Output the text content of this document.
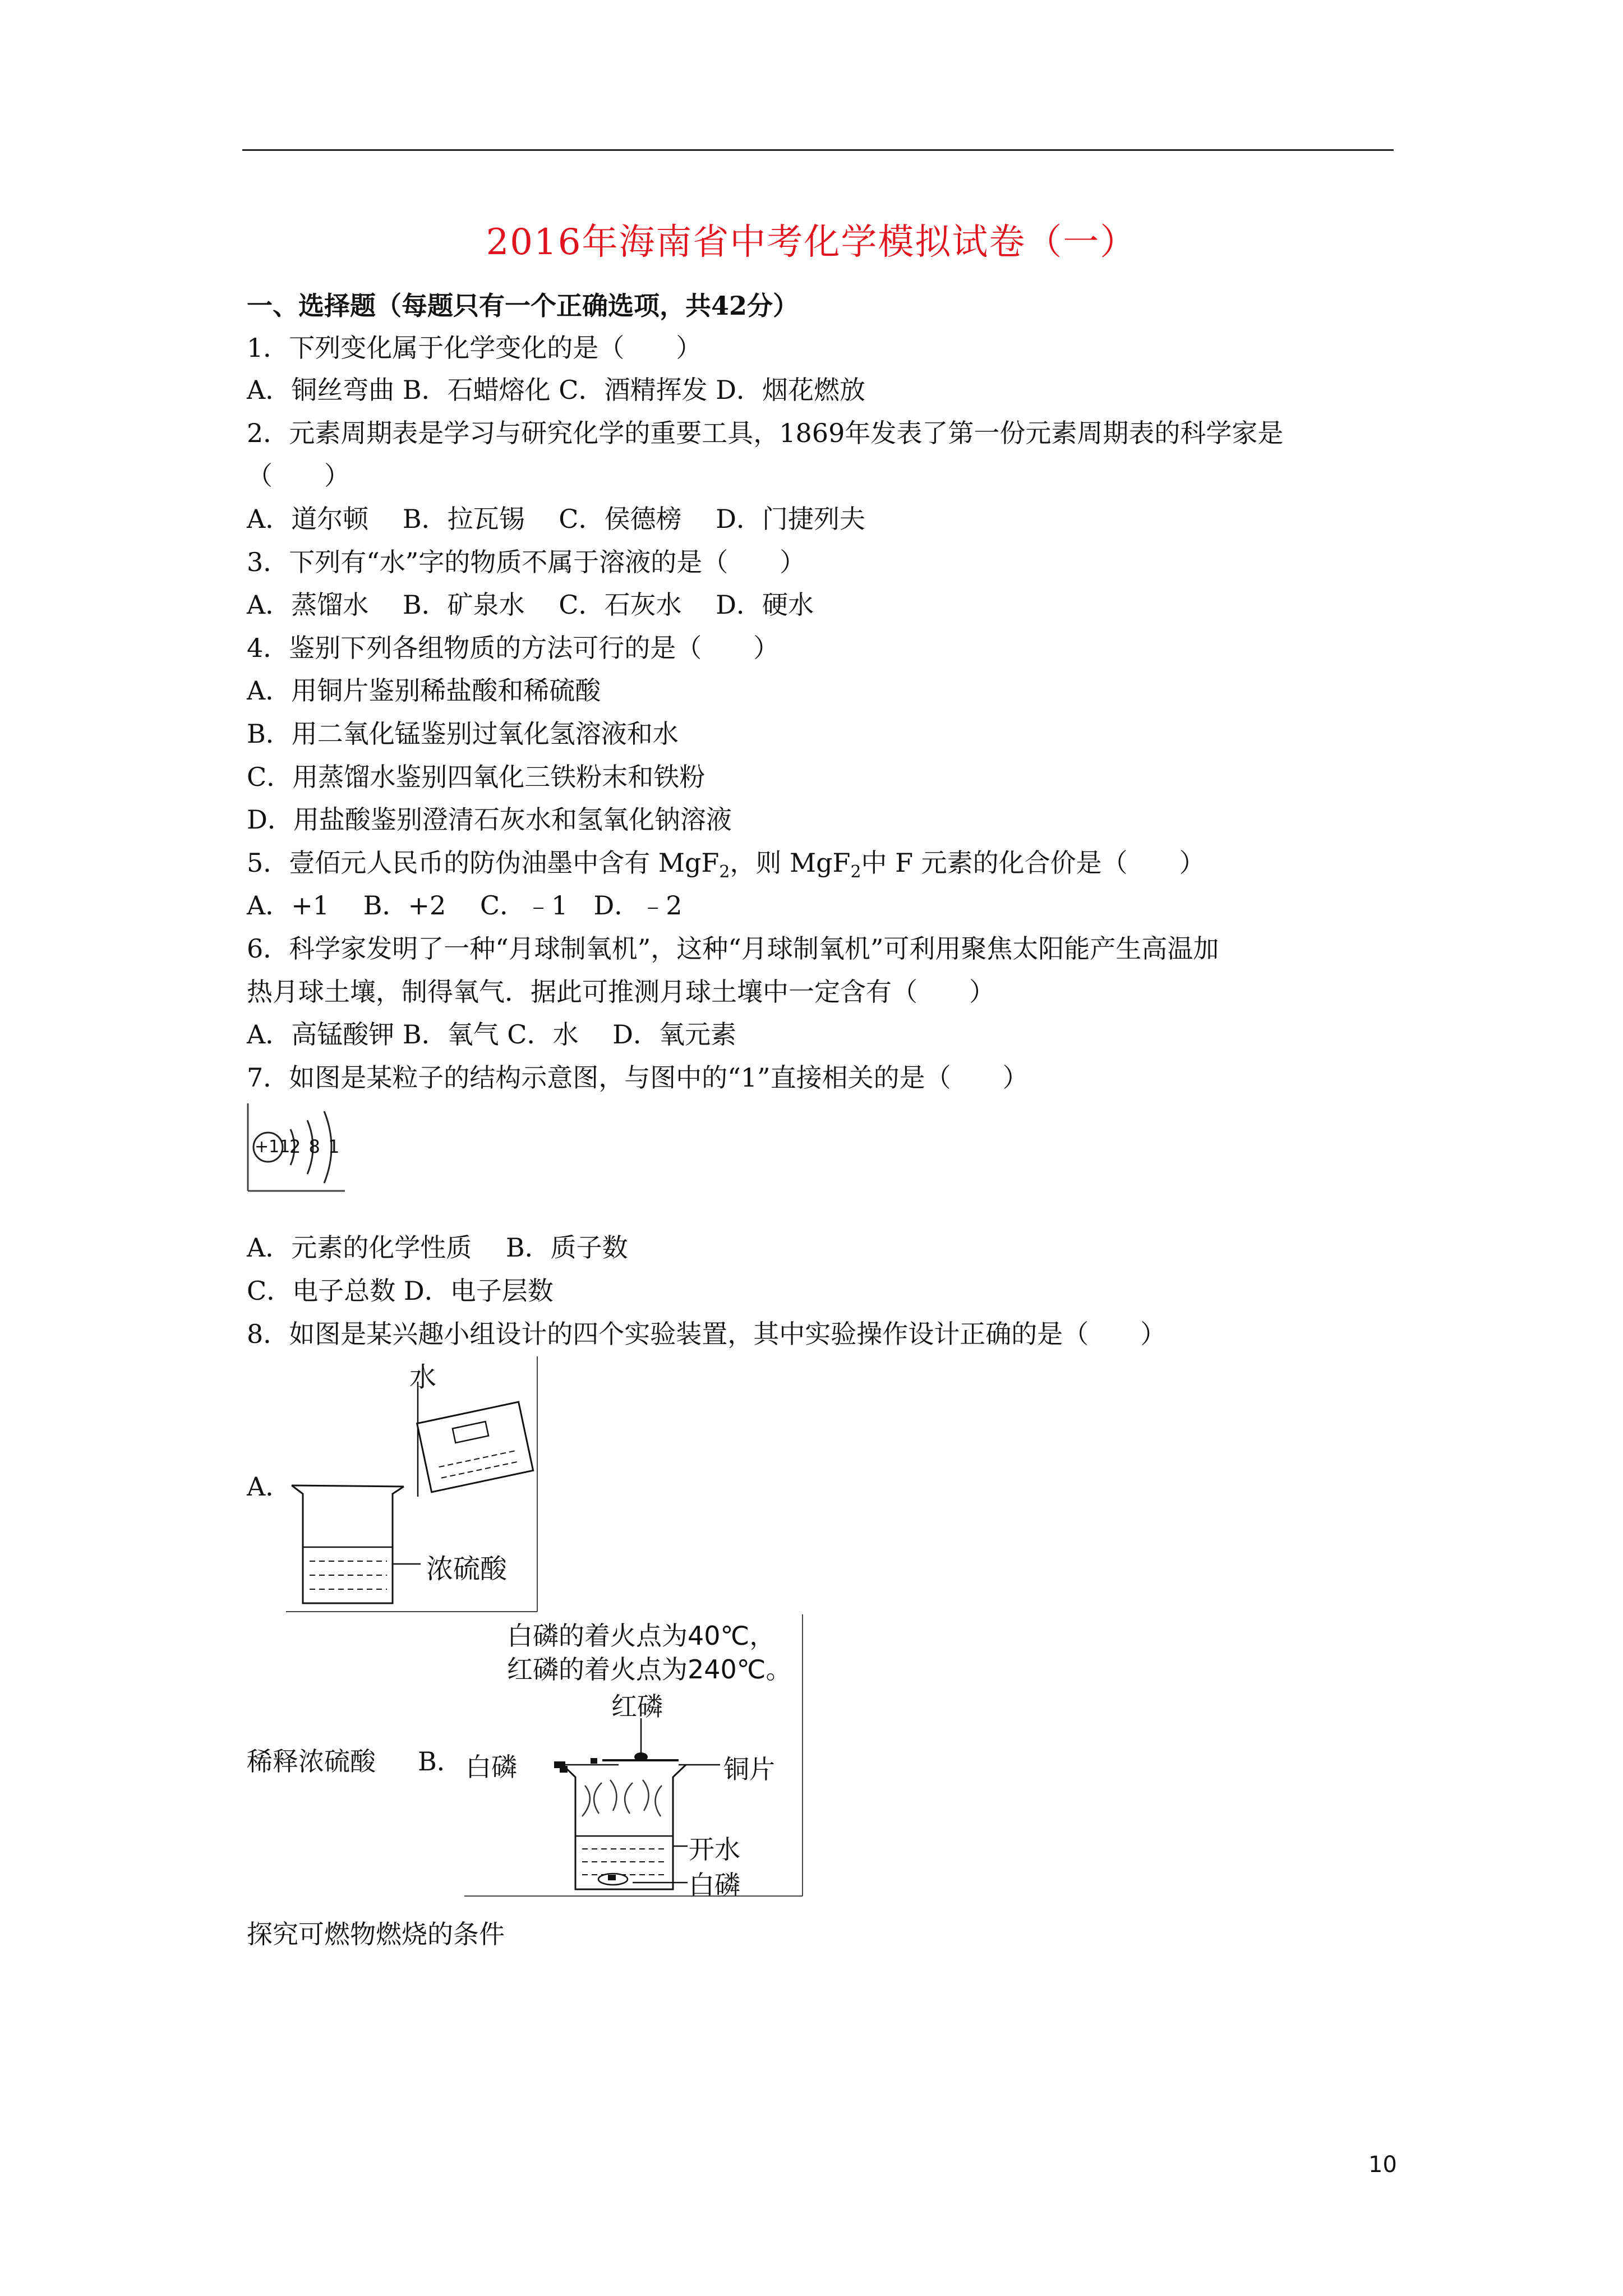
2016年海南省中考化学模拟试卷（一）
一、选择题（每题只有一个正确选项，共42分）
1．下列变化属于化学变化的是（　　）
A．铜丝弯曲 B．石蜡熔化 C．酒精挥发 D．烟花燃放
2．元素周期表是学习与研究化学的重要工具，1869年发表了第一份元素周期表的科学家是
（　　）
A．道尔顿　 B．拉瓦锡　 C．侯德榜　 D．门捷列夫
3．下列有“水”字的物质不属于溶液的是（　　）
A．蒸馏水　 B．矿泉水　 C．石灰水　 D．硬水
4．鉴别下列各组物质的方法可行的是（　　）
A．用铜片鉴别稀盐酸和稀硫酸
B．用二氧化锰鉴别过氧化氢溶液和水
C．用蒸馏水鉴别四氧化三铁粉末和铁粉
D．用盐酸鉴别澄清石灰水和氢氧化钠溶液
5．壹佰元人民币的防伪油墨中含有 MgF$_2$，则 MgF$_2$中 F 元素的化合价是（　　）
A．+1　 B．+2　 C．﹣1　D．﹣2
6．科学家发明了一种“月球制氧机”，这种“月球制氧机”可利用聚焦太阳能产生高温加
热月球土壤，制得氧气．据此可推测月球土壤中一定含有（　　）
A．高锰酸钾 B．氧气 C．水　 D．氧元素
7．如图是某粒子的结构示意图，与图中的“1”直接相关的是（　　）
+11
2 8 1
A．元素的化学性质　 B．质子数
C．电子总数 D．电子层数
8．如图是某兴趣小组设计的四个实验装置，其中实验操作设计正确的是（　　）
A．
水
浓硫酸
稀释浓硫酸 B．
白磷的着火点为40℃，
红磷的着火点为240℃。
红磷
白磷	铜片
开水
白磷
探究可燃物燃烧的条件
10
